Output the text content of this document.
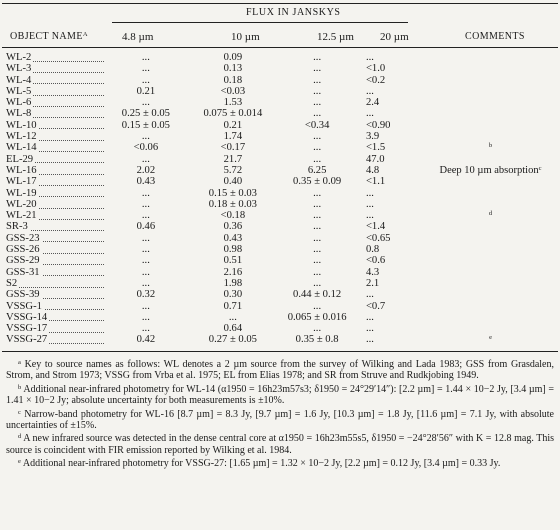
FLUX IN JANSKYS
OBJECT $NAME^A$	4.8 µm	10 µm	12.5 µm 20 µm	COMMENTS
WL-2	...	0.09	...	...	
WL-3	...	0.13	...	<1.0	
WL-4	...	0.18	...	<0.2	
WL-5	0.21	<0.03	...	...	
WL-6	...	1.53	...	2.4	
WL-8	0.25 ± 0.05	0.075 ± 0.014	...	...	
WL-10	0.15 ± 0.05	0.21	<0.34	<0.90	
WL-12	...	1.74	...	3.9	
WL-14	<0.06	<0.17	...	<1.5	$^b$
EL-29	...	21.7	...	47.0	
WL-16	2.02	5.72	6.25	4.8	Deep 10 µm absorption$^c$
WL-17	0.43	0.40	0.35 ± 0.09	<1.1	
WL-19	...	0.15 ± 0.03	...	...	
WL-20	...	0.18 ± 0.03	...	...	
WL-21	...	<0.18	...	...	$^d$
SR-3	0.46	0.36	...	<1.4	
GSS-23	...	0.43	...	<0.65	
GSS-26	...	0.98	...	0.8	
GSS-29	...	0.51	...	<0.6	
GSS-31	...	2.16	...	4.3	
S2	...	1.98	...	2.1	
GSS-39	0.32	0.30	0.44 ± 0.12	...	
VSSG-1	...	0.71	...	<0.7	
VSSG-14	...	...	0.065 ± 0.016	...	
VSSG-17	...	0.64	...	...	
VSSG-27	0.42	0.27 ± 0.05	0.35 ± 0.8	...	$^e$

$^a$ Key to source names as follows: WL denotes a 2 µm source from the survey of Wilking and Lada 1983; GSS from Grasdalen, Strom, and Strom 1973; VSSG from Vrba et al. 1975; EL from Elias 1978; and SR from Struve and Rudkjobing 1949.

$^b$ Additional near-infrared photometry for WL-14 (α1950 = 16h23m57s3; δ1950 = 24°29′14″): [2.2 µm] = 1.44 × 10−2 Jy, [3.4 µm] = 1.41 × 10−2 Jy; absolute uncertainty for both measurements is ±10%.

$^c$ Narrow-band photometry for WL-16 [8.7 µm] = 8.3 Jy, [9.7 µm] = 1.6 Jy, [10.3 µm] = 1.8 Jy, [11.6 µm] = 7.1 Jy, with absolute uncertainties of ±15%.

$^d$ A new infrared source was detected in the dense central core at α1950 = 16h23m55s5, δ1950 = −24°28′56″ with K = 12.8 mag. This source is coincident with FIR emission reported by Wilking et al. 1984.

$^e$ Additional near-infrared photometry for VSSG-27: [1.65 µm] = 1.32 × 10−2 Jy, [2.2 µm] = 0.12 Jy, [3.4 µm] = 0.33 Jy.
